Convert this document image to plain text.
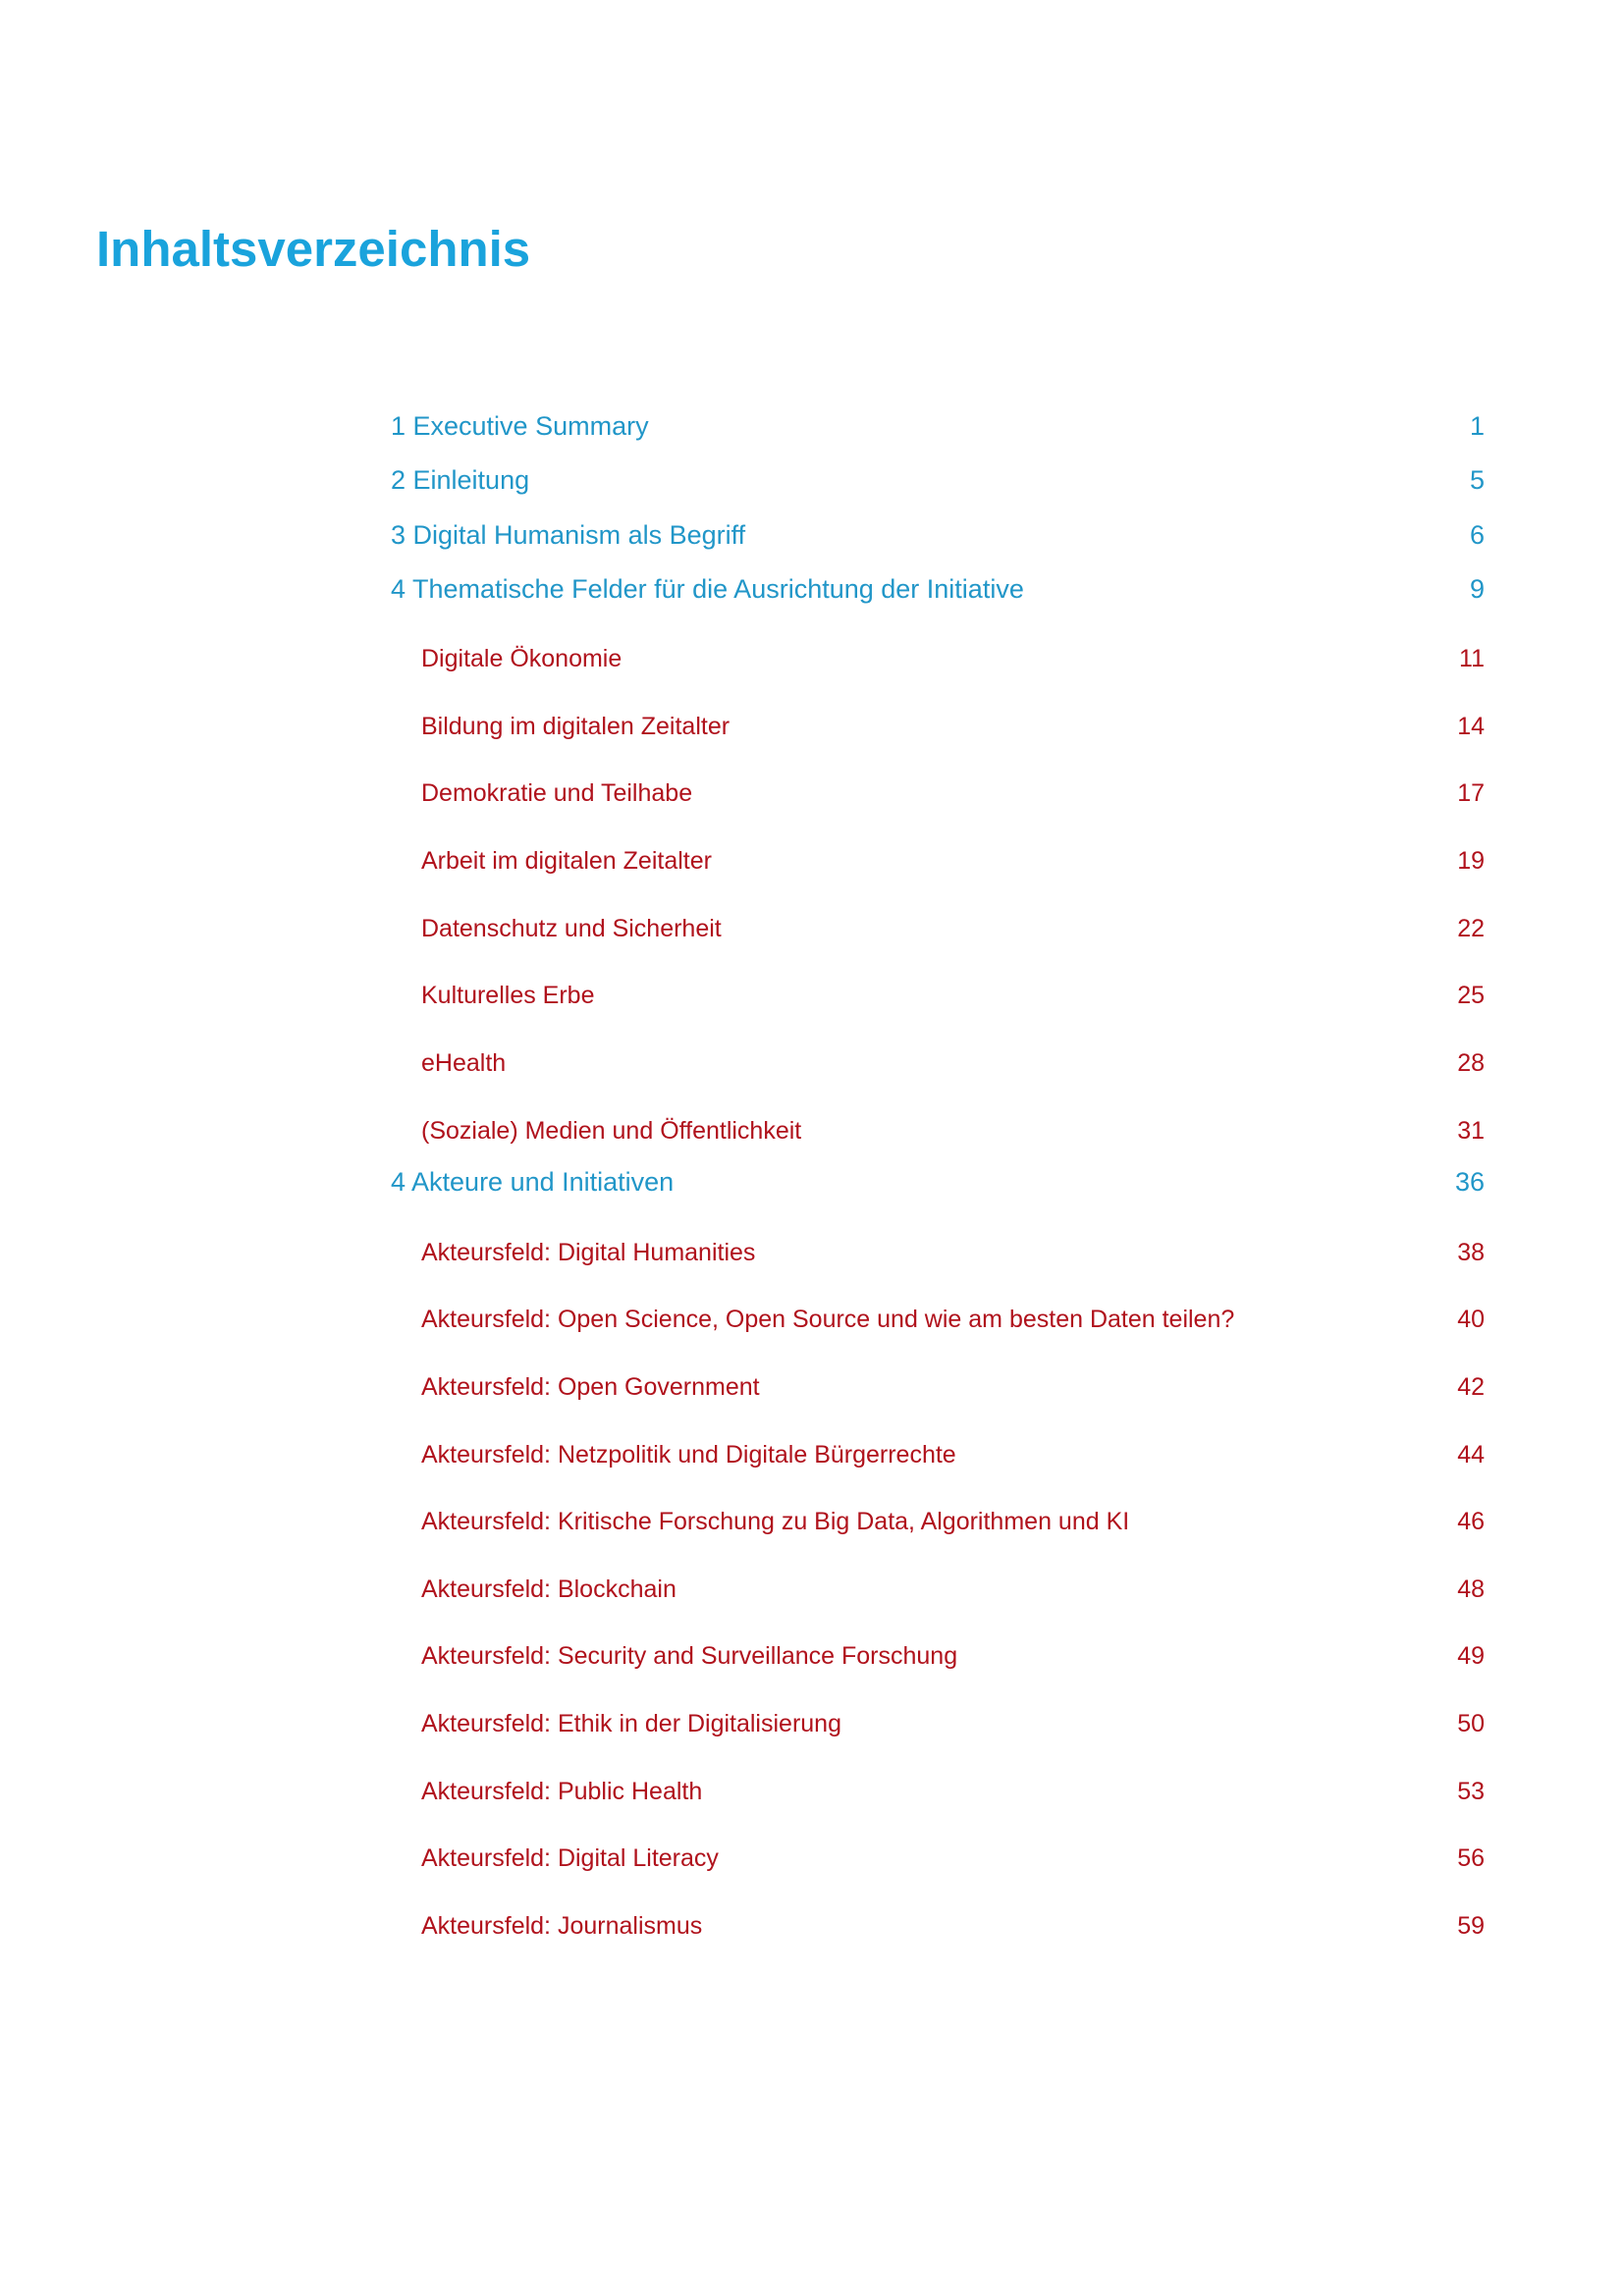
Inhaltsverzeichnis
1 Executive Summary	1
2 Einleitung	5
3 Digital Humanism als Begriff	6
4 Thematische Felder für die Ausrichtung der Initiative	9
Digitale Ökonomie	11
Bildung im digitalen Zeitalter	14
Demokratie und Teilhabe	17
Arbeit im digitalen Zeitalter	19
Datenschutz und Sicherheit	22
Kulturelles Erbe	25
eHealth	28
(Soziale) Medien und Öffentlichkeit	31
4 Akteure und Initiativen	36
Akteursfeld: Digital Humanities	38
Akteursfeld: Open Science, Open Source und wie am besten Daten teilen?	40
Akteursfeld: Open Government	42
Akteursfeld: Netzpolitik und Digitale Bürgerrechte	44
Akteursfeld: Kritische Forschung zu Big Data, Algorithmen und KI	46
Akteursfeld: Blockchain	48
Akteursfeld: Security and Surveillance Forschung	49
Akteursfeld: Ethik in der Digitalisierung	50
Akteursfeld: Public Health	53
Akteursfeld: Digital Literacy	56
Akteursfeld: Journalismus	59
